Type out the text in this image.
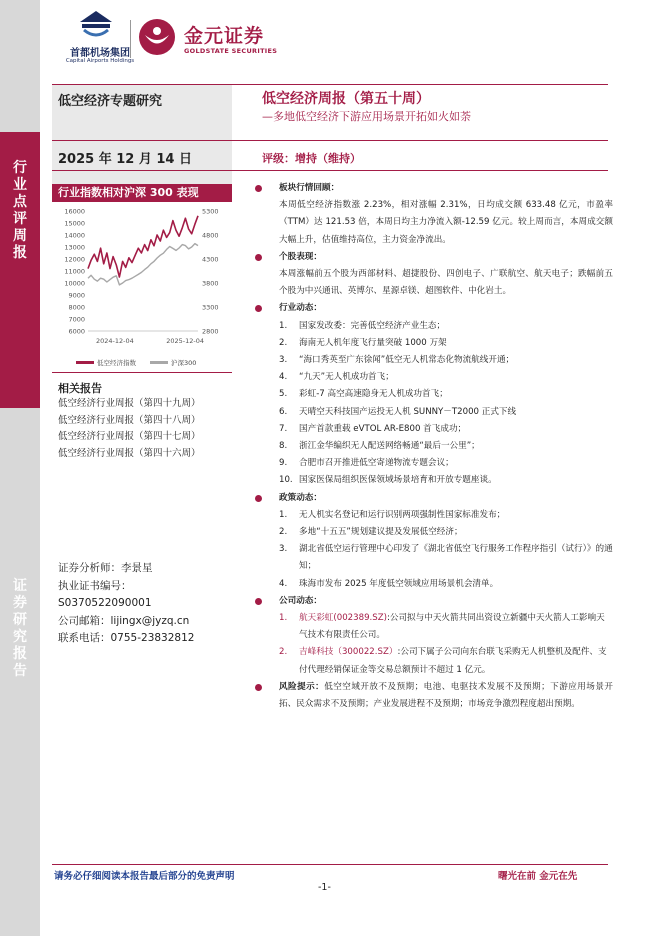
行
业
点
评
周
报
证
券
研
究
报
告
首都机场集团
Capital Airports Holdings
金元证券
GOLDSTATE SECURITIES
低空经济专题研究
2025 年 12 月 14 日
低空经济周报（第五十周）
—多地低空经济下游应用场景开拓如火如荼
评级：增持（维持）
行业指数相对沪深 300 表现
16000
15000
14000
13000
12000
11000
10000
9000
8000
7000
6000
5300
4800
4300
3800
3300
2800
2024-12-04	2025-12-04
低空经济指数	沪深300
相关报告
低空经济行业周报（第四十九周）
低空经济行业周报（第四十八周）
低空经济行业周报（第四十七周）
低空经济行业周报（第四十六周）
证券分析师：李景星
执业证书编号：
S0370522090001
公司邮箱：lijingx@jyzq.cn
联系电话：0755-23832812
板块行情回顾：
本周低空经济指数涨 2.23%，相对涨幅 2.31%，日均成交额 633.48 亿元，市盈率（TTM）达 121.53 倍，本周日均主力净流入额-12.59 亿元。较上周而言，本周成交额大幅上升，估值维持高位，主力资金净流出。
个股表现：
本周涨幅前五个股为西部材料、超捷股份、四创电子、广联航空、航天电子；跌幅前五个股为中兴通讯、英博尔、星源卓镁、超图软件、中化岩土。
行业动态：
1. 国家发改委：完善低空经济产业生态；
2. 海南无人机年度飞行量突破 1000 万架
3. “海口秀英至广东徐闻”低空无人机常态化物流航线开通；
4. “九天”无人机成功首飞；
5. 彩虹-7 高空高速隐身无人机成功首飞；
6. 天晴空天科技国产运投无人机 SUNNY－T2000 正式下线
7. 国产首款重载 eVTOL AR-E800 首飞成功；
8. 浙江金华编织无人配送网络畅通“最后一公里”；
9. 合肥市召开推进低空寄递物流专题会议；
10. 国家医保局组织医保领域场景培育和开放专题座谈。
政策动态：
1. 无人机实名登记和运行识别两项强制性国家标准发布；
2. 多地“十五五”规划建议提及发展低空经济；
3. 湖北省低空运行管理中心印发了《湖北省低空飞行服务工作程序指引（试行）》的通知；
4. 珠海市发布 2025 年度低空领域应用场景机会清单。
公司动态：
1. 航天彩虹(002389.SZ):公司拟与中天火箭共同出资设立新疆中天火箭人工影响天气技术有限责任公司。
2. 吉峰科技（300022.SZ）:公司下属子公司向东台联飞采购无人机整机及配件、支付代理经销保证金等交易总额预计不超过 1 亿元。
风险提示：低空空域开放不及预期；电池、电驱技术发展不及预期；下游应用场景开拓、民众需求不及预期；产业发展进程不及预期；市场竞争激烈程度超出预期。
请务必仔细阅读本报告最后部分的免责声明	曙光在前 金元在先
-1-
